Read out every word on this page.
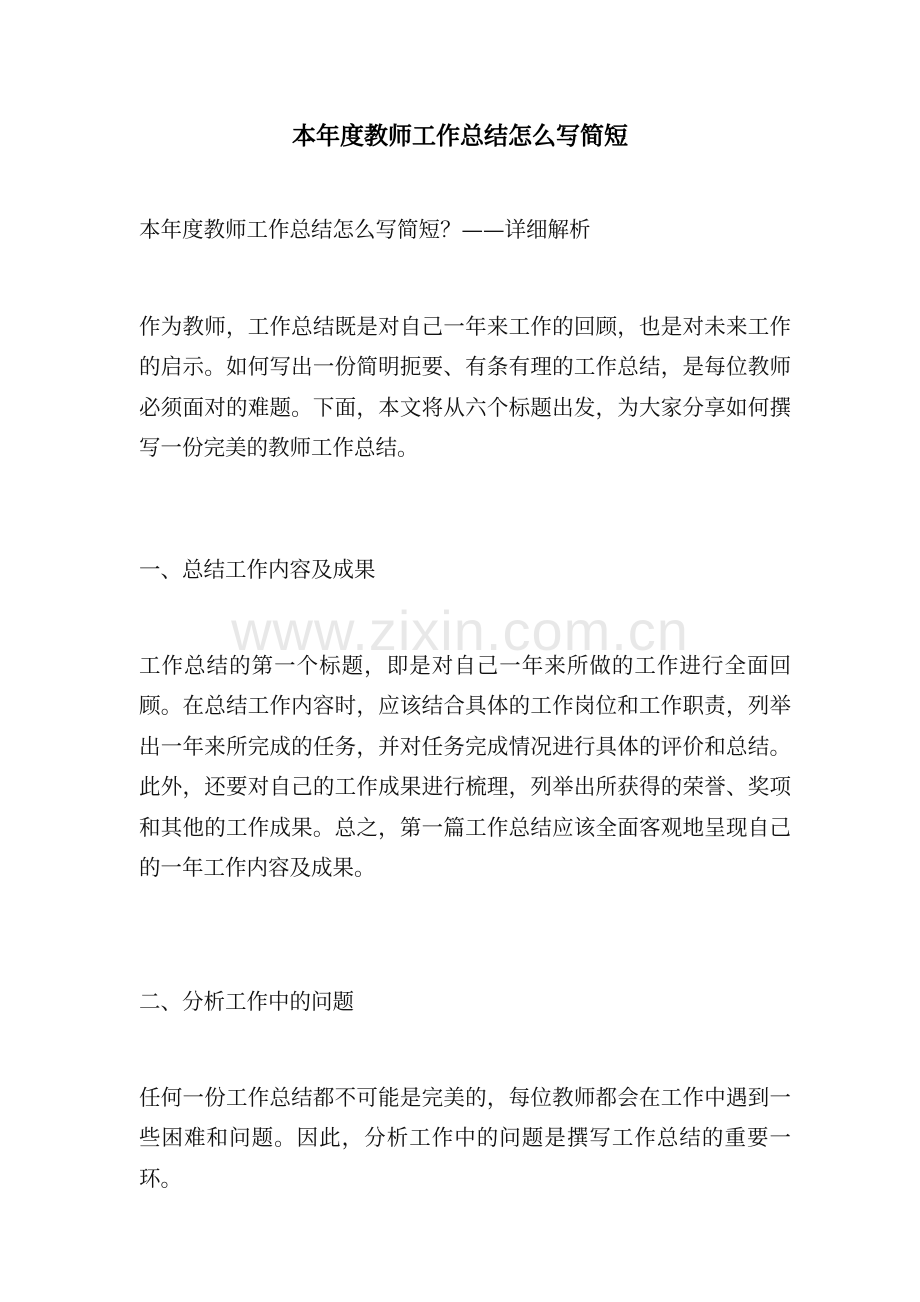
本年度教师工作总结怎么写简短
本年度教师工作总结怎么写简短？——详细解析
作为教师，工作总结既是对自己一年来工作的回顾，也是对未来工作的启示。如何写出一份简明扼要、有条有理的工作总结，是每位教师必须面对的难题。下面，本文将从六个标题出发，为大家分享如何撰写一份完美的教师工作总结。
一、总结工作内容及成果
工作总结的第一个标题，即是对自己一年来所做的工作进行全面回顾。在总结工作内容时，应该结合具体的工作岗位和工作职责，列举出一年来所完成的任务，并对任务完成情况进行具体的评价和总结。此外，还要对自己的工作成果进行梳理，列举出所获得的荣誉、奖项和其他的工作成果。总之，第一篇工作总结应该全面客观地呈现自己的一年工作内容及成果。
二、分析工作中的问题
任何一份工作总结都不可能是完美的，每位教师都会在工作中遇到一些困难和问题。因此，分析工作中的问题是撰写工作总结的重要一环。
www.zixin.com.cn
